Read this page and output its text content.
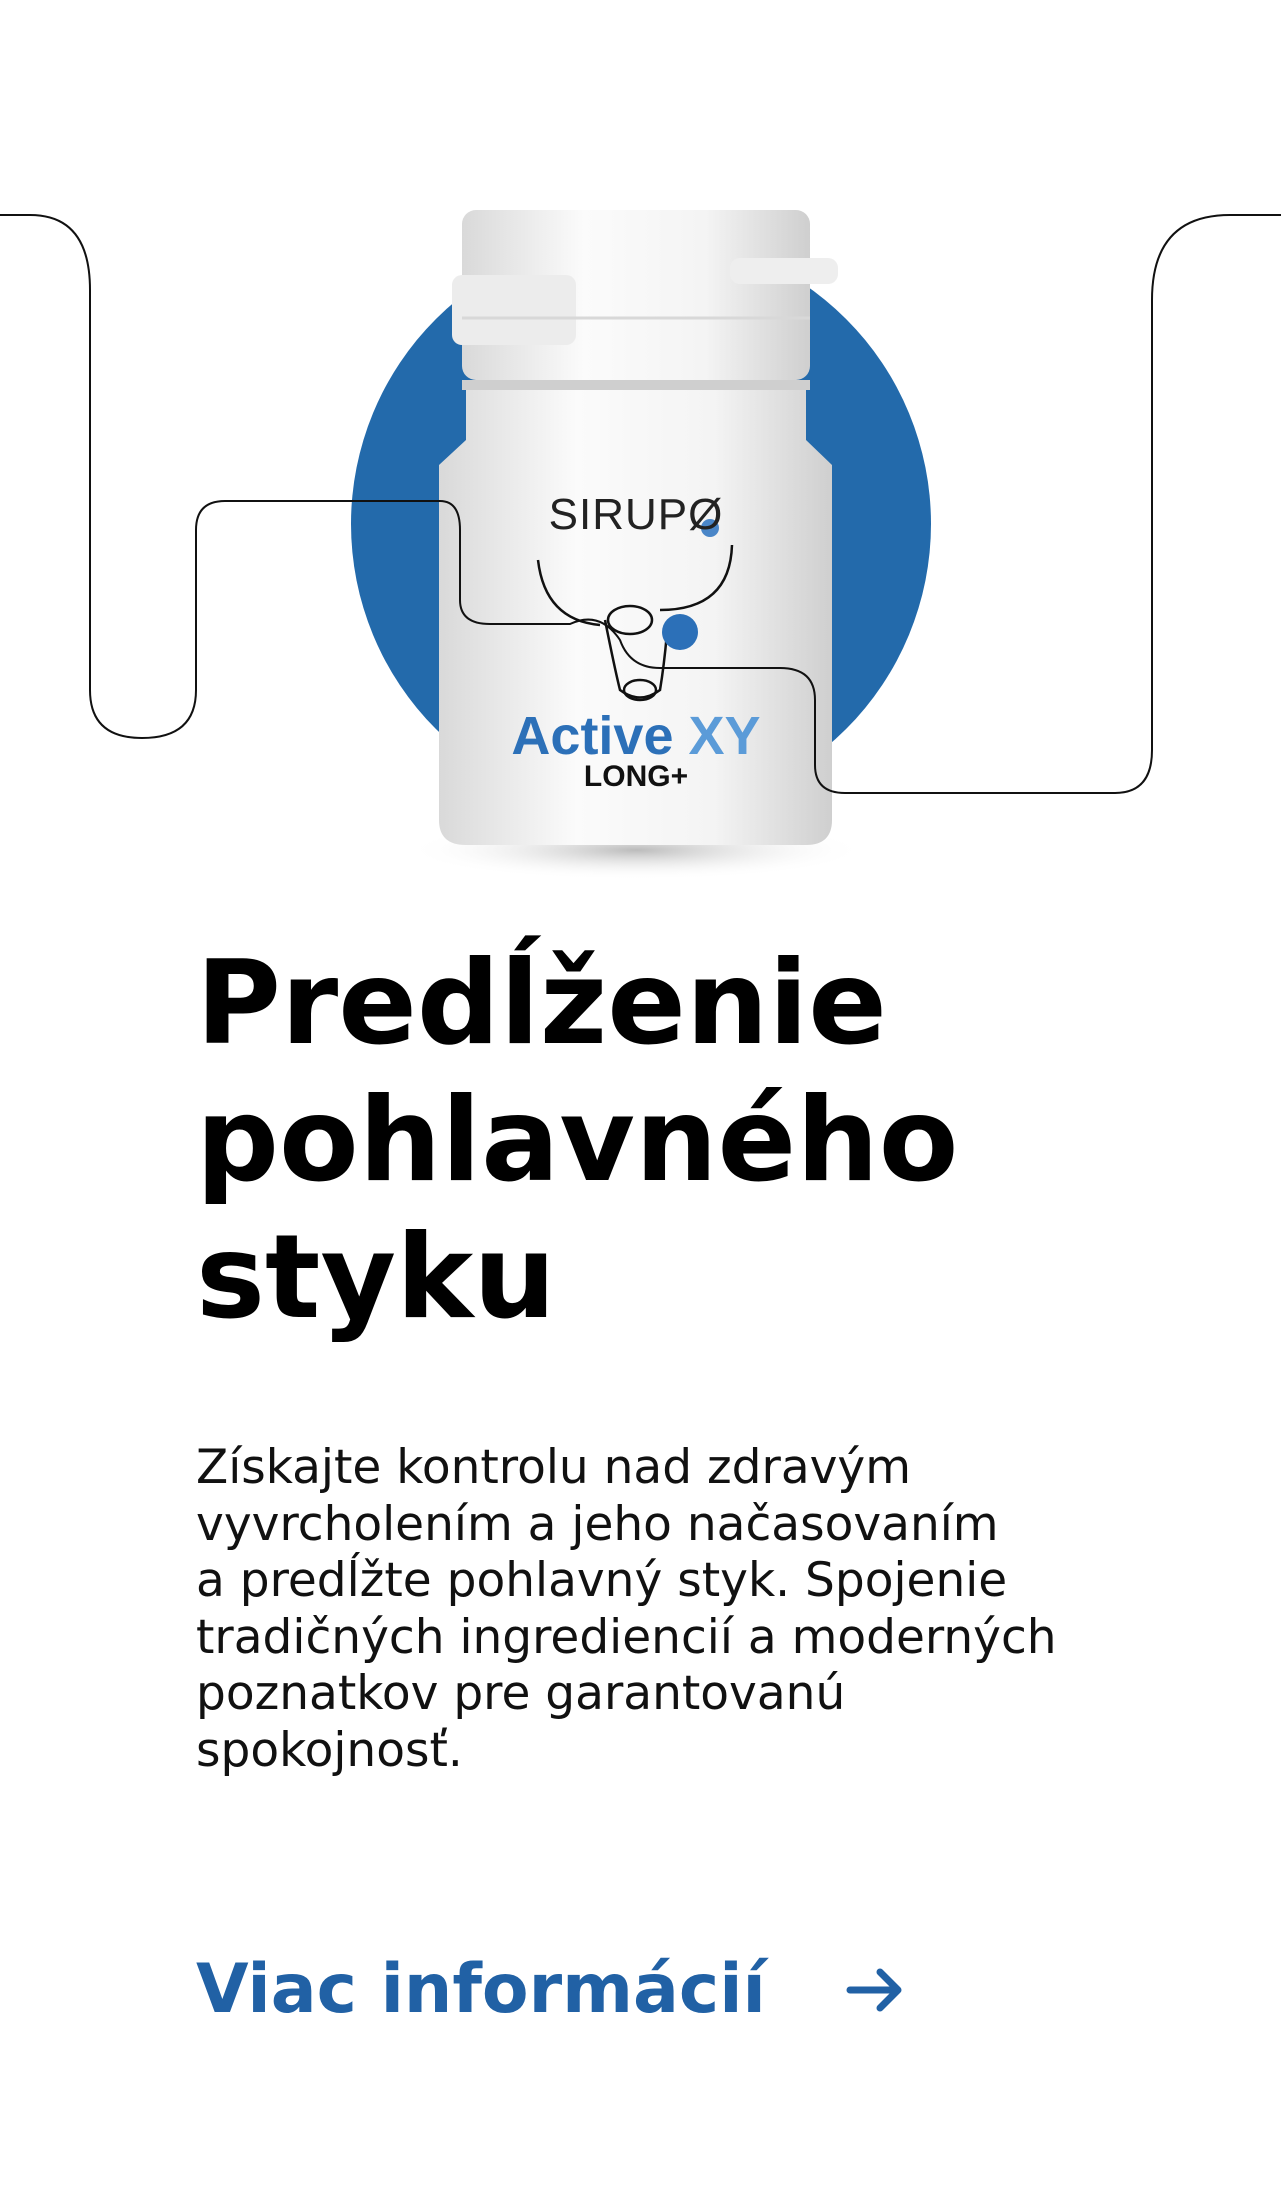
SIRUPØ
Active XY
LONG+
Predĺženie
pohlavného
styku

Získajte kontrolu nad zdravým
vyvrcholením a jeho načasovaním
a predĺžte pohlavný styk. Spojenie
tradičných ingrediencií a moderných
poznatkov pre garantovanú
spokojnosť.

Viac informácií
